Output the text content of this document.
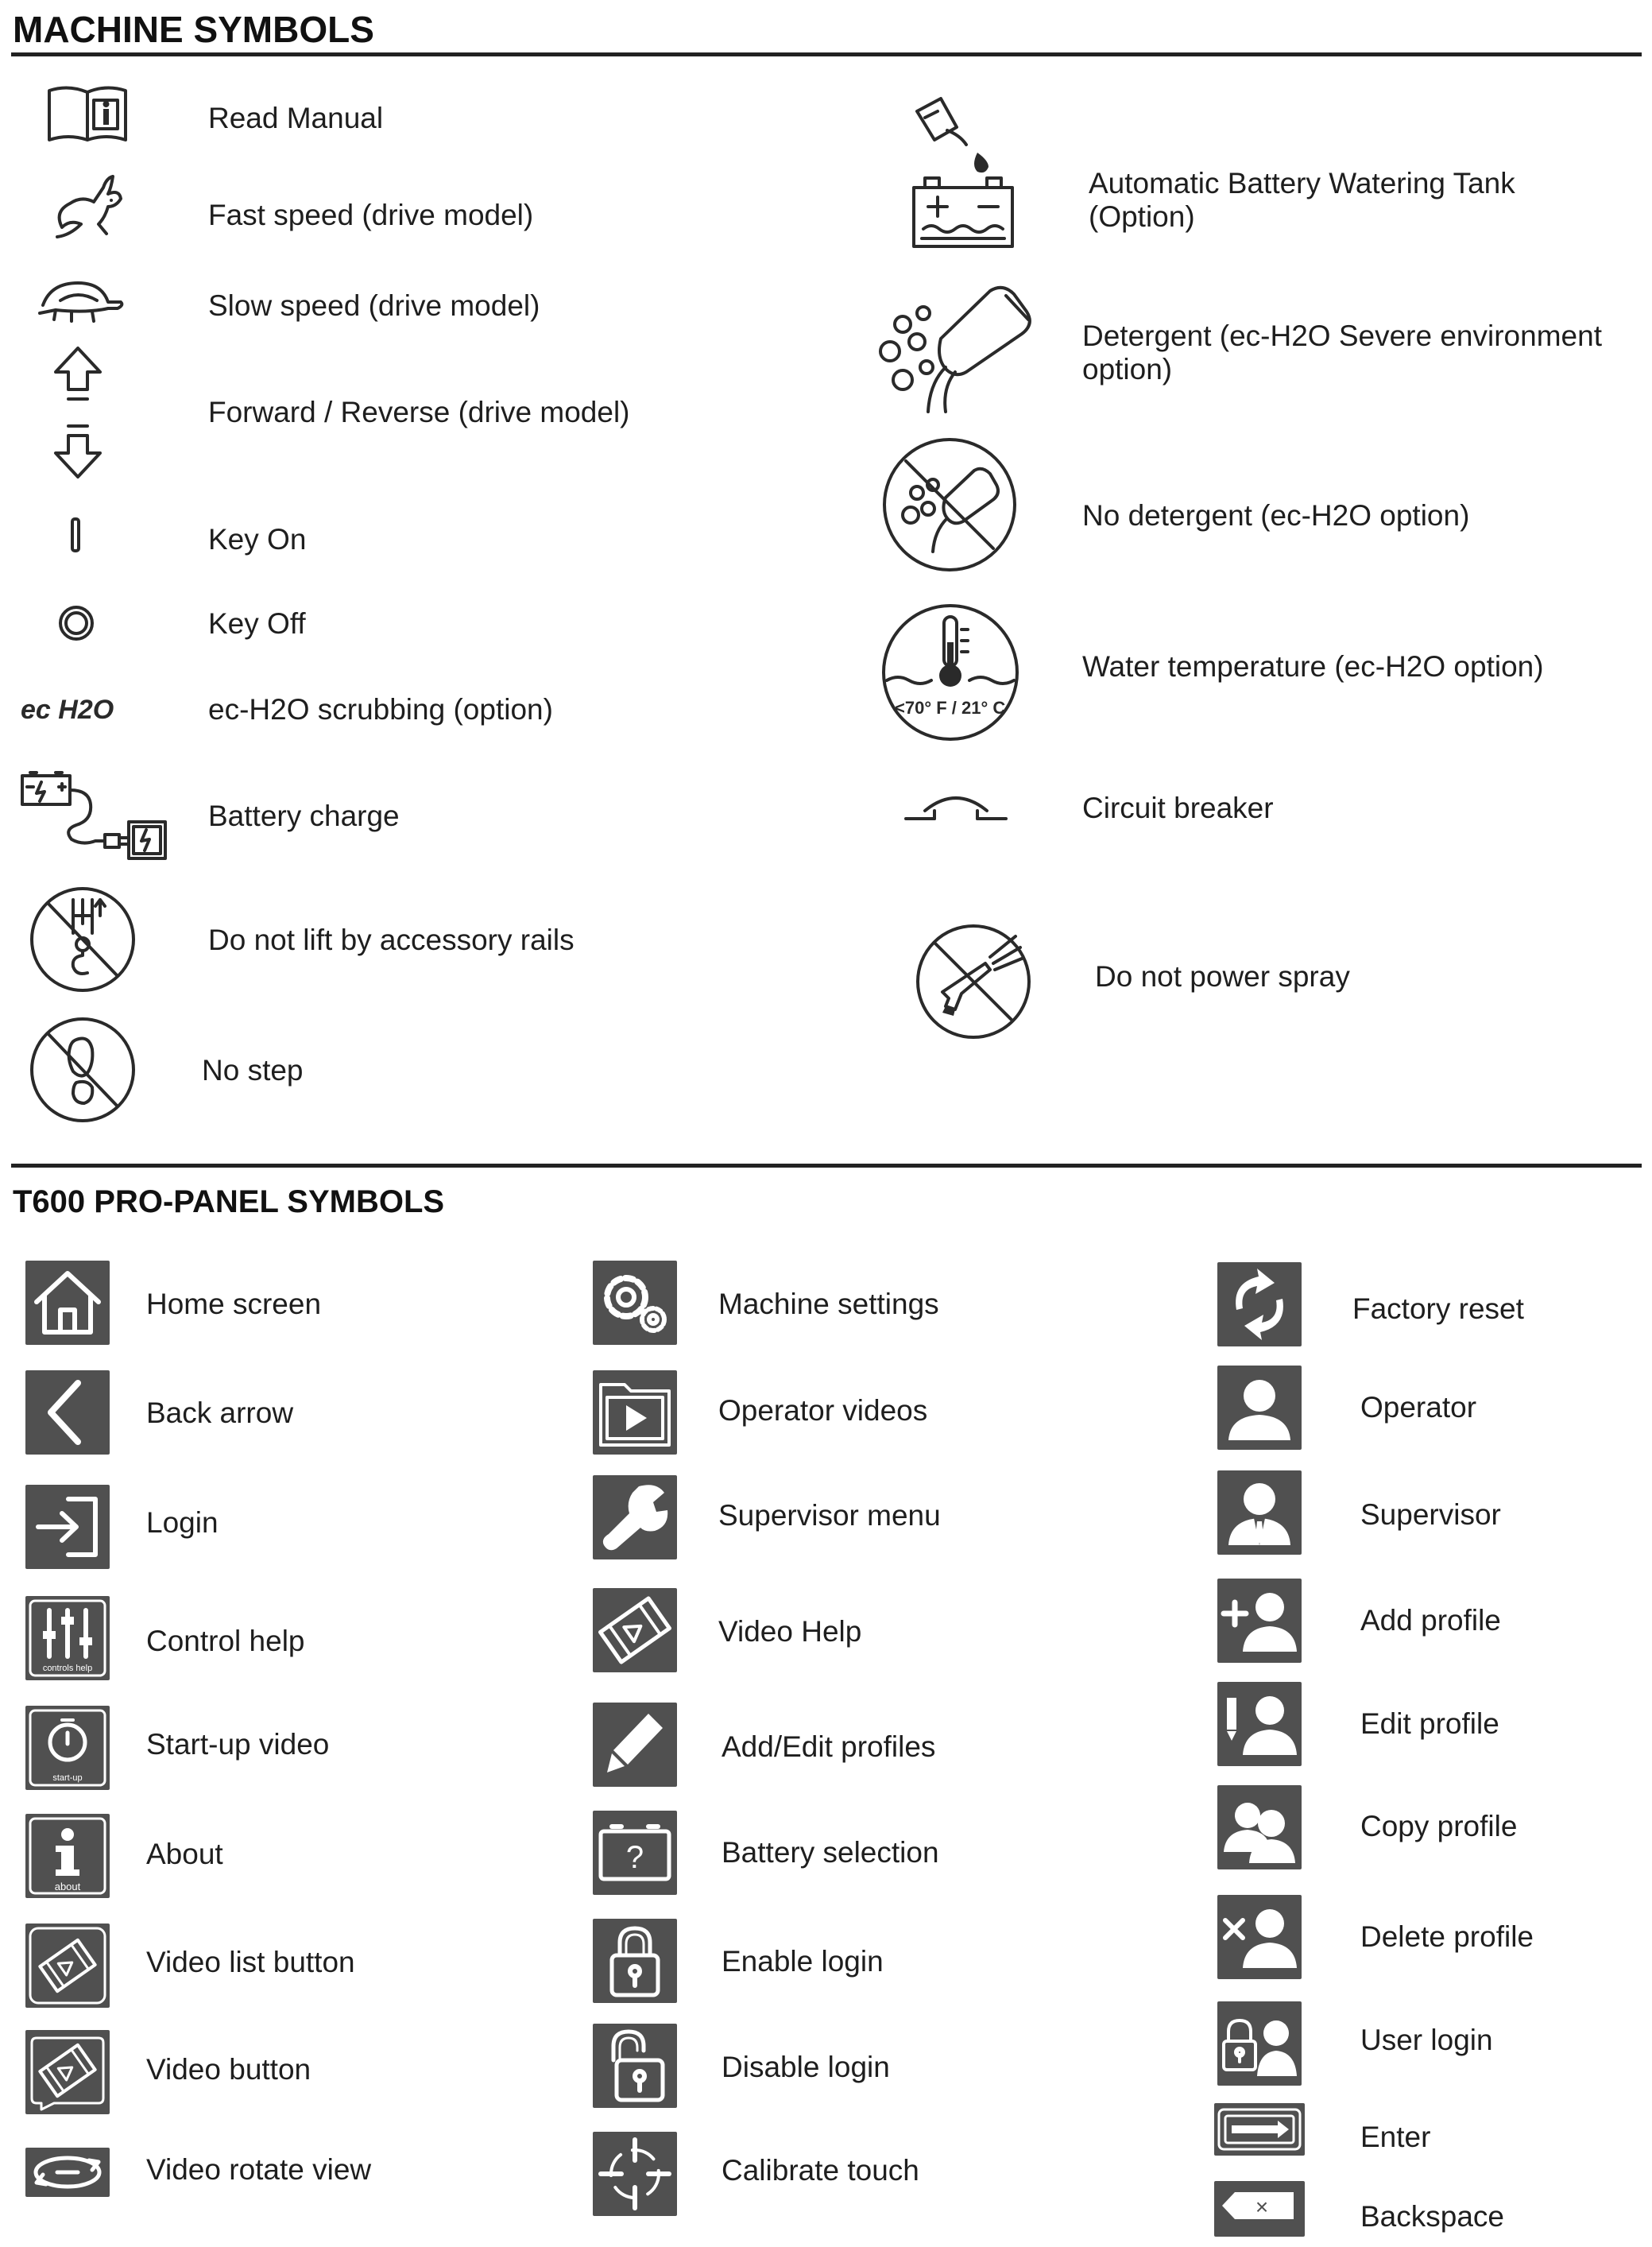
MACHINE SYMBOLS
ec H2O
Read Manual
Fast speed (drive model)
Slow speed (drive model)
Forward / Reverse (drive model)
Key On
Key Off
ec-H2O scrubbing (option)
Battery charge
Do not lift by accessory rails
No step
<70° F / 21° C
Automatic Battery Watering Tank
(Option)
Detergent (ec-H2O Severe environment
option)
No detergent (ec-H2O option)
Water temperature (ec-H2O option)
Circuit breaker
Do not power spray
T600 PRO-PANEL SYMBOLS
controls help
start-up
about
Home screen
Back arrow
Login
Control help
Start-up video
About
Video list button
Video button
Video rotate view
?
Machine settings
Operator videos
Supervisor menu
Video Help
Add/Edit profiles
Battery selection
Enable login
Disable login
Calibrate touch
×
Factory reset
Operator
Supervisor
Add profile
Edit profile
Copy profile
Delete profile
User login
Enter
Backspace
